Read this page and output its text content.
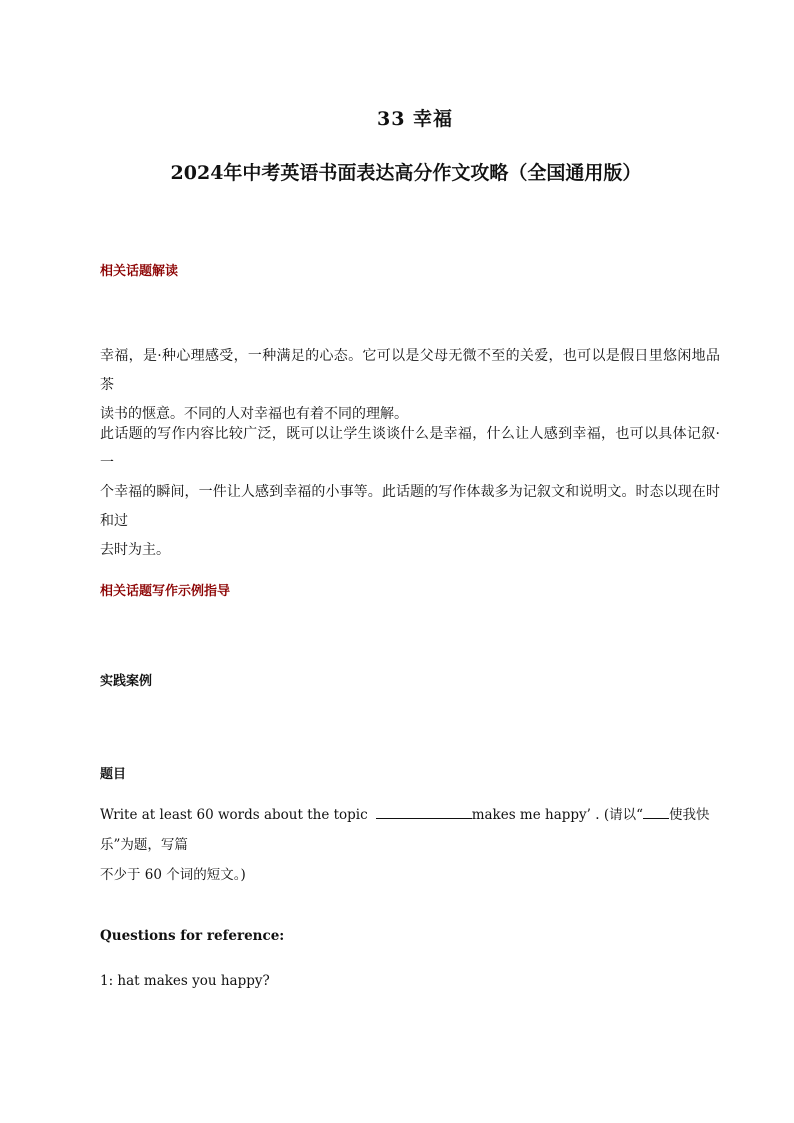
33 幸福
2024年中考英语书面表达高分作文攻略（全国通用版）
相关话题解读
幸福，是·种心理感受，一种满足的心态。它可以是父母无微不至的关爱，也可以是假日里悠闲地品茶
读书的惬意。不同的人对幸福也有着不同的理解。
此话题的写作内容比较广泛，既可以让学生谈谈什么是幸福，什么让人感到幸福，也可以具体记叙·一
个幸福的瞬间，一件让人感到幸福的小事等。此话题的写作体裁多为记叙文和说明文。时态以现在时和过
去时为主。
相关话题写作示例指导
实践案例
题目
Write at least 60 words about the topic	makes me happy’ . (请以“ 使我快乐”为题，写篇
不少于 60 个词的短文。)
Questions for reference:
1: hat makes you happy?
